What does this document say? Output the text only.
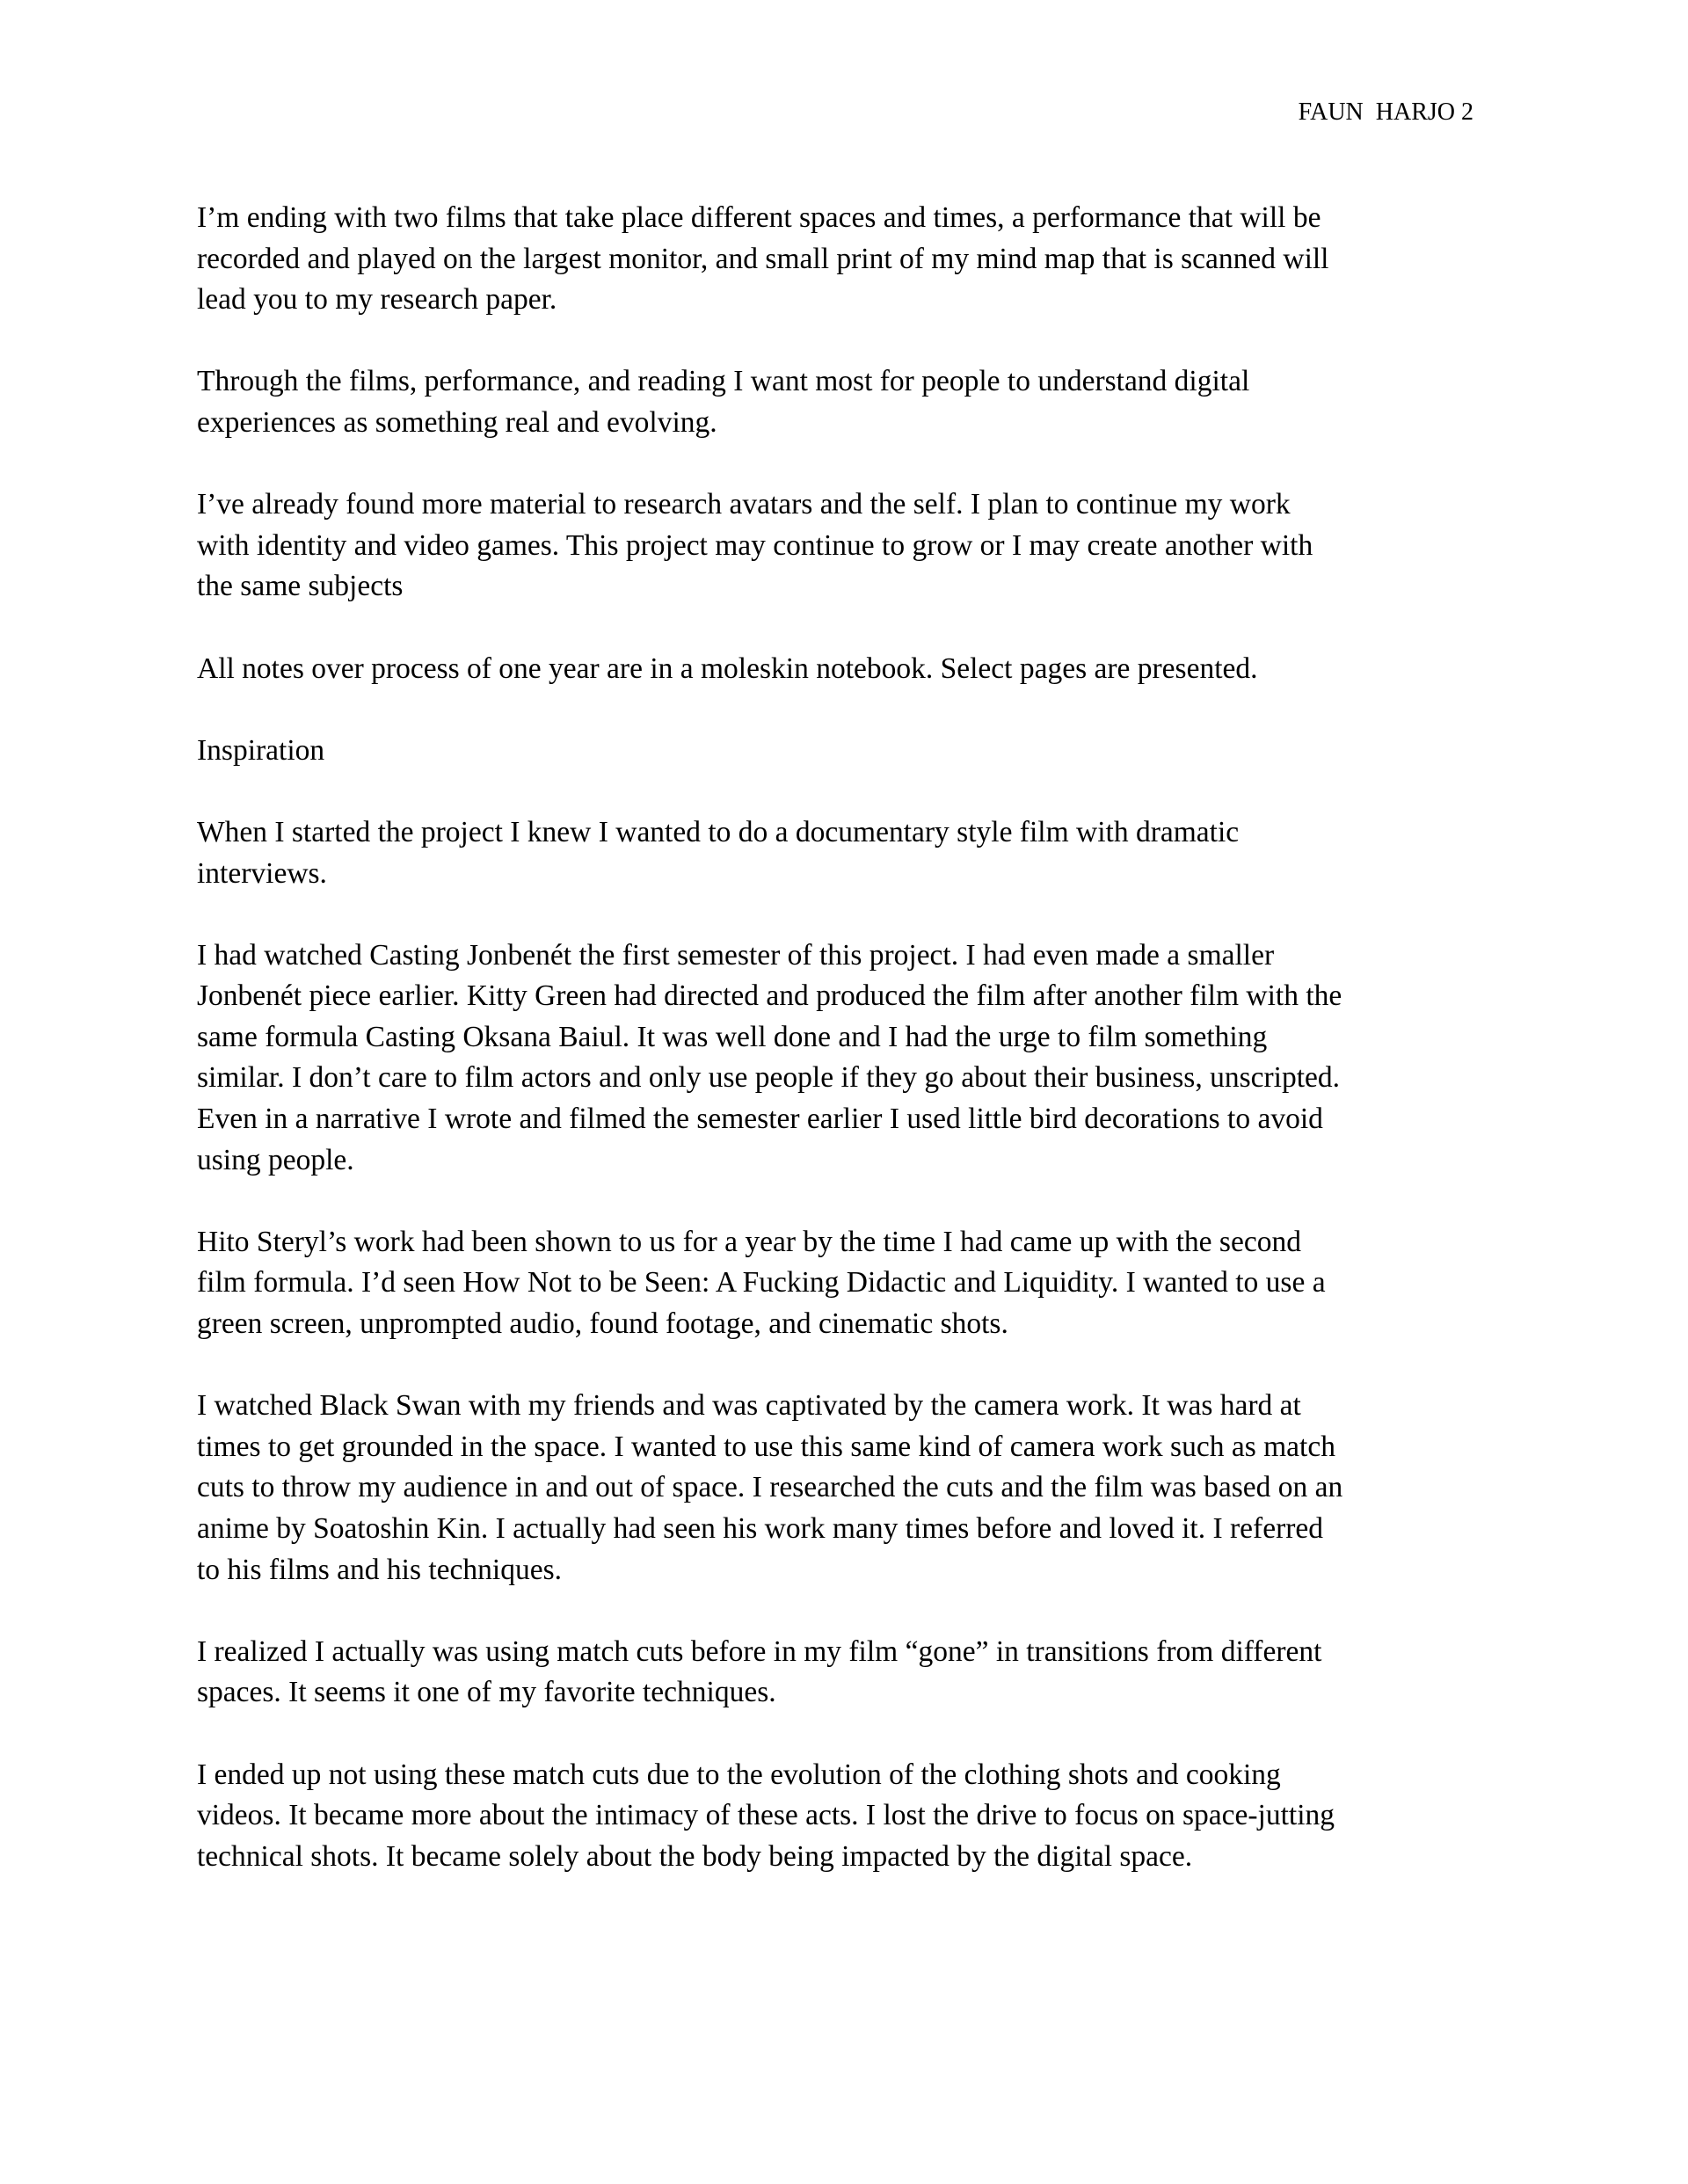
FAUN  HARJO 2
I’m ending with two films that take place different spaces and times, a performance that will be
recorded and played on the largest monitor, and small print of my mind map that is scanned will
lead you to my research paper.
Through the films, performance, and reading I want most for people to understand digital
experiences as something real and evolving.
I’ve already found more material to research avatars and the self. I plan to continue my work
with identity and video games. This project may continue to grow or I may create another with
the same subjects
All notes over process of one year are in a moleskin notebook. Select pages are presented.
Inspiration
When I started the project I knew I wanted to do a documentary style film with dramatic
interviews.
I had watched Casting Jonbenét the first semester of this project. I had even made a smaller
Jonbenét piece earlier. Kitty Green had directed and produced the film after another film with the
same formula Casting Oksana Baiul. It was well done and I had the urge to film something
similar. I don’t care to film actors and only use people if they go about their business, unscripted.
Even in a narrative I wrote and filmed the semester earlier I used little bird decorations to avoid
using people.
Hito Steryl’s work had been shown to us for a year by the time I had came up with the second
film formula. I’d seen How Not to be Seen: A Fucking Didactic and Liquidity. I wanted to use a
green screen, unprompted audio, found footage, and cinematic shots.
I watched Black Swan with my friends and was captivated by the camera work. It was hard at
times to get grounded in the space. I wanted to use this same kind of camera work such as match
cuts to throw my audience in and out of space. I researched the cuts and the film was based on an
anime by Soatoshin Kin. I actually had seen his work many times before and loved it. I referred
to his films and his techniques.
I realized I actually was using match cuts before in my film “gone” in transitions from different
spaces. It seems it one of my favorite techniques.
I ended up not using these match cuts due to the evolution of the clothing shots and cooking
videos. It became more about the intimacy of these acts. I lost the drive to focus on space-jutting
technical shots. It became solely about the body being impacted by the digital space.
